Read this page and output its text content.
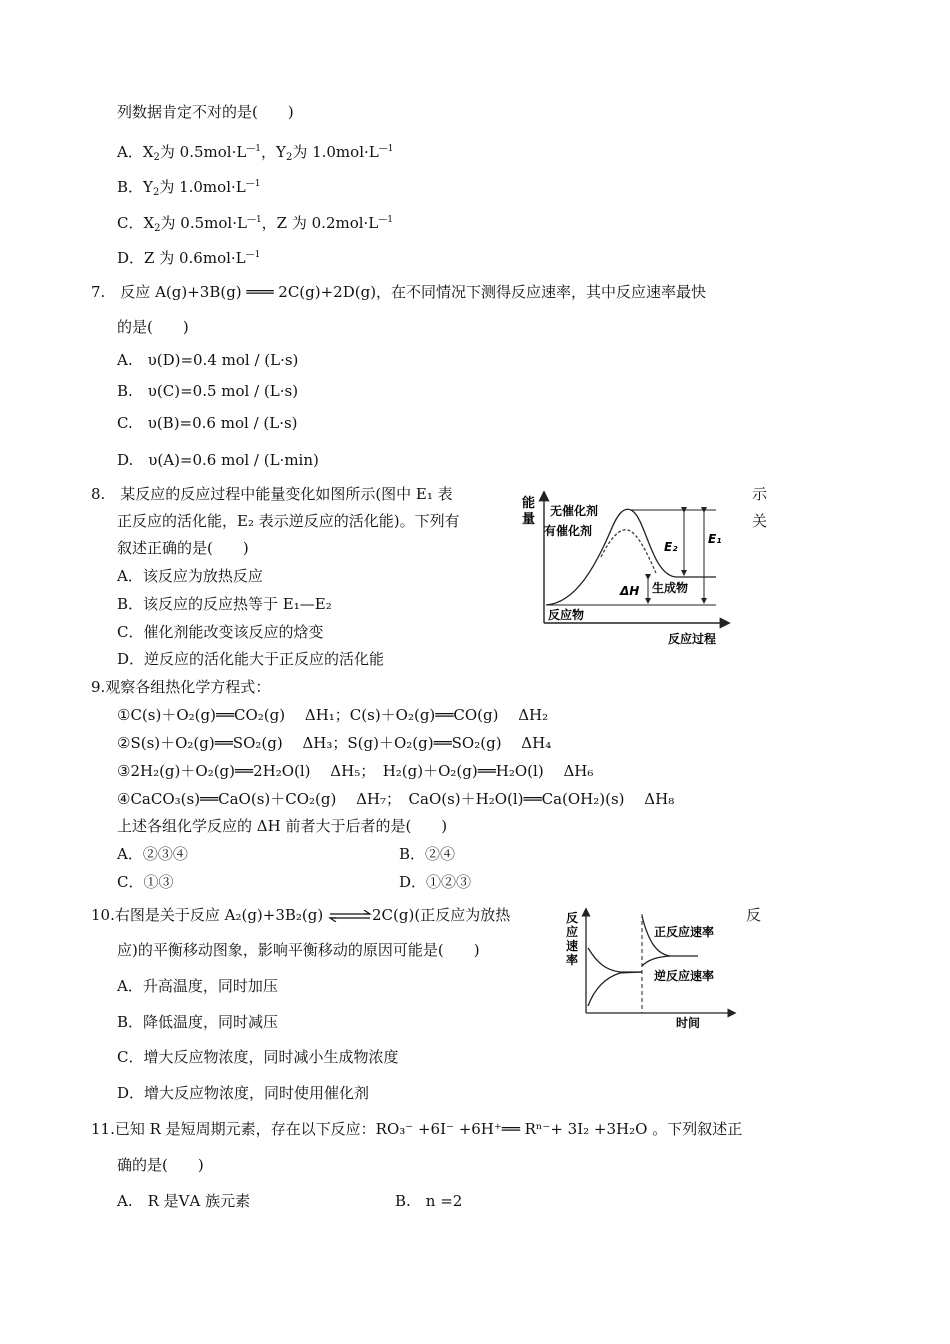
列数据肯定不对的是(　　)
A．$X_2$为 $0.5mol\cdot L^{—1}$，$Y_2$为 $1.0mol\cdot L^{—1}$
B．$Y_2$为 $1.0mol\cdot L^{—1}$
C．$X_2$为 $0.5mol\cdot L^{—1}$，Z 为 $0.2mol\cdot L^{—1}$
D．Z 为 $0.6mol\cdot L^{—1}$
7.　反应 A(g)+3B(g) ═══ 2C(g)+2D(g)，在不同情况下测得反应速率，其中反应速率最快
的是(　　)
A.　υ(D)=0.4 mol / (L·s)
B.　υ(C)=0.5 mol / (L·s)
C.　υ(B)=0.6 mol / (L·s)
D.　υ(A)=0.6 mol / (L·min)
8.　某反应的反应过程中能量变化如图所示(图中 E₁ 表	示
正反应的活化能，E₂ 表示逆反应的活化能)。下列有	关
叙述正确的是(　　)
A．该反应为放热反应
B．该反应的反应热等于 E₁—E₂
C．催化剂能改变该反应的焓变
D．逆反应的活化能大于正反应的活化能
能
量
无催化剂
有催化剂
E₂
E₁
ΔH 生成物
反应物
反应过程
9.观察各组热化学方程式：
①C(s)＋O₂(g)══CO₂(g)　 ΔH₁；C(s)＋O₂(g)══CO(g)　 ΔH₂
②S(s)＋O₂(g)══SO₂(g)　 ΔH₃；S(g)＋O₂(g)══SO₂(g)　 ΔH₄
③2H₂(g)＋O₂(g)══2H₂O(l)　 ΔH₅；　H₂(g)＋O₂(g)══H₂O(l)　 ΔH₆
④CaCO₃(s)══CaO(s)＋CO₂(g)　 ΔH₇；　CaO(s)＋H₂O(l)══Ca(OH₂)(s)　 ΔH₈
上述各组化学反应的 ΔH 前者大于后者的是(　　)
A．②③④	B．②④
C．①③	D．①②③
10.右图是关于反应 A₂(g)+3B₂(g) ⇌2C(g)(正反应为放热	反
应)的平衡移动图象，影响平衡移动的原因可能是(　　)
A．升高温度，同时加压
B．降低温度，同时减压
C．增大反应物浓度，同时减小生成物浓度
D．增大反应物浓度，同时使用催化剂
反
应
速
率
正反应速率
逆反应速率
时间
11.已知 R 是短周期元素，存在以下反应：RO₃⁻ +6I⁻ +6H⁺══ Rⁿ⁻+ 3I₂ +3H₂O 。下列叙述正
确的是(　　)
A.　R 是ⅤA 族元素	B.　n =2
